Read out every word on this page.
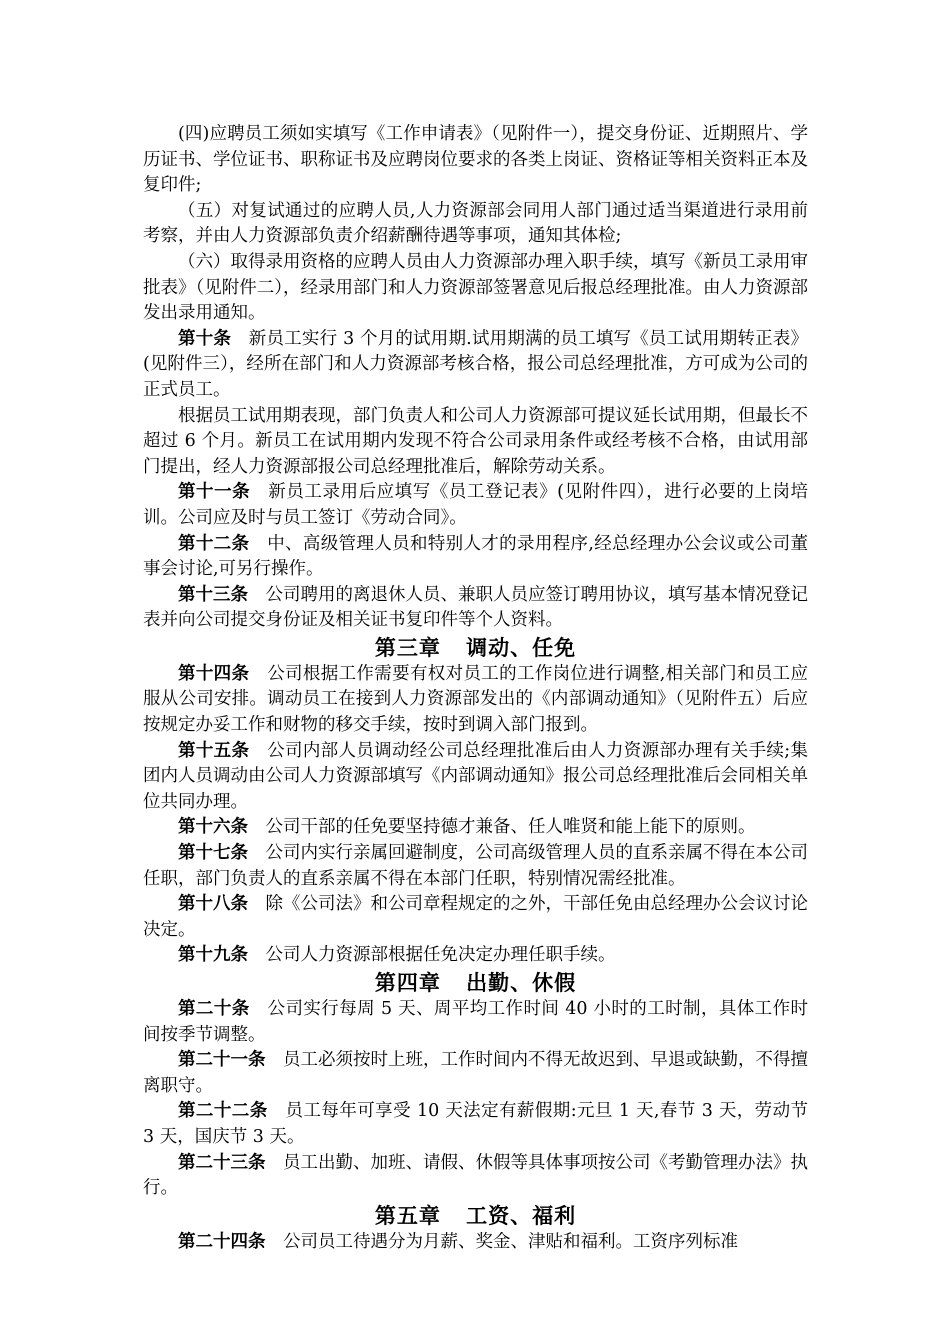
(四)应聘员工须如实填写《工作申请表》（见附件一），提交身份证、近期照片、学历证书、学位证书、职称证书及应聘岗位要求的各类上岗证、资格证等相关资料正本及复印件;

（五）对复试通过的应聘人员,人力资源部会同用人部门通过适当渠道进行录用前考察，并由人力资源部负责介绍薪酬待遇等事项，通知其体检;

（六）取得录用资格的应聘人员由人力资源部办理入职手续，填写《新员工录用审批表》（见附件二），经录用部门和人力资源部签署意见后报总经理批准。由人力资源部发出录用通知。

第十条 新员工实行 3 个月的试用期.试用期满的员工填写《员工试用期转正表》(见附件三），经所在部门和人力资源部考核合格，报公司总经理批准，方可成为公司的正式员工。

根据员工试用期表现，部门负责人和公司人力资源部可提议延长试用期，但最长不超过 6 个月。新员工在试用期内发现不符合公司录用条件或经考核不合格，由试用部门提出，经人力资源部报公司总经理批准后，解除劳动关系。

第十一条 新员工录用后应填写《员工登记表》(见附件四），进行必要的上岗培训。公司应及时与员工签订《劳动合同》。

第十二条 中、高级管理人员和特别人才的录用程序,经总经理办公会议或公司董事会讨论,可另行操作。

第十三条 公司聘用的离退休人员、兼职人员应签订聘用协议，填写基本情况登记表并向公司提交身份证及相关证书复印件等个人资料。

第三章 调动、任免

第十四条 公司根据工作需要有权对员工的工作岗位进行调整,相关部门和员工应服从公司安排。调动员工在接到人力资源部发出的《内部调动通知》（见附件五）后应按规定办妥工作和财物的移交手续，按时到调入部门报到。

第十五条 公司内部人员调动经公司总经理批准后由人力资源部办理有关手续;集团内人员调动由公司人力资源部填写《内部调动通知》报公司总经理批准后会同相关单位共同办理。

第十六条 公司干部的任免要坚持德才兼备、任人唯贤和能上能下的原则。

第十七条 公司内实行亲属回避制度，公司高级管理人员的直系亲属不得在本公司任职，部门负责人的直系亲属不得在本部门任职，特别情况需经批准。

第十八条 除《公司法》和公司章程规定的之外，干部任免由总经理办公会议讨论决定。

第十九条 公司人力资源部根据任免决定办理任职手续。

第四章 出勤、休假

第二十条 公司实行每周 5 天、周平均工作时间 40 小时的工时制，具体工作时间按季节调整。

第二十一条 员工必须按时上班，工作时间内不得无故迟到、早退或缺勤，不得擅离职守。

第二十二条 员工每年可享受 10 天法定有薪假期:元旦 1 天,春节 3 天，劳动节 3 天，国庆节 3 天。

第二十三条 员工出勤、加班、请假、休假等具体事项按公司《考勤管理办法》执行。

第五章 工资、福利

第二十四条 公司员工待遇分为月薪、奖金、津贴和福利。工资序列标准
